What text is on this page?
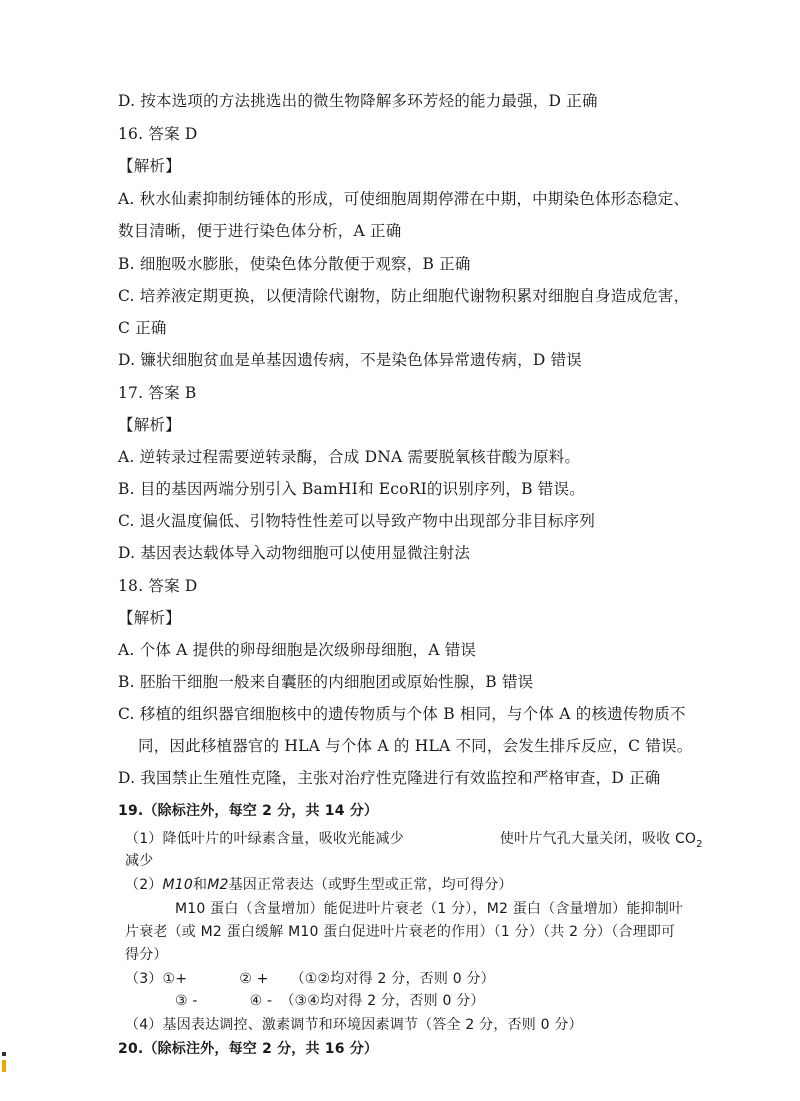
D. 按本选项的方法挑选出的微生物降解多环芳烃的能力最强，D 正确
16. 答案 D
【解析】
A. 秋水仙素抑制纺锤体的形成，可使细胞周期停滞在中期，中期染色体形态稳定、
数目清晰，便于进行染色体分析，A 正确
B. 细胞吸水膨胀，使染色体分散便于观察，B 正确
C. 培养液定期更换，以便清除代谢物，防止细胞代谢物积累对细胞自身造成危害，
C 正确
D. 镰状细胞贫血是单基因遗传病，不是染色体异常遗传病，D 错误
17. 答案 B
【解析】
A. 逆转录过程需要逆转录酶，合成 DNA 需要脱氧核苷酸为原料。
B. 目的基因两端分别引入 BamHⅠ和 EcoRⅠ的识别序列，B 错误。
C. 退火温度偏低、引物特性性差可以导致产物中出现部分非目标序列
D. 基因表达载体导入动物细胞可以使用显微注射法
18. 答案 D
【解析】
A. 个体 A 提供的卵母细胞是次级卵母细胞，A 错误
B. 胚胎干细胞一般来自囊胚的内细胞团或原始性腺，B 错误
C. 移植的组织器官细胞核中的遗传物质与个体 B 相同，与个体 A 的核遗传物质不
同，因此移植器官的 HLA 与个体 A 的 HLA 不同，会发生排斥反应，C 错误。
D. 我国禁止生殖性克隆，主张对治疗性克隆进行有效监控和严格审查，D 正确
19.（除标注外，每空 2 分，共 14 分）
（1）降低叶片的叶绿素含量，吸收光能减少	使叶片气孔大量关闭，吸收 $CO_2$
减少
（2）M10和M2基因正常表达（或野生型或正常，均可得分）
M10 蛋白（含量增加）能促进叶片衰老（1 分），M2 蛋白（含量增加）能抑制叶
片衰老（或 M2 蛋白缓解 M10 蛋白促进叶片衰老的作用）（1 分）（共 2 分）（合理即可
得分）
（3）①+	② + （①②均对得 2 分，否则 0 分）
③ -	④ - （③④均对得 2 分，否则 0 分）
（4）基因表达调控、激素调节和环境因素调节（答全 2 分，否则 0 分）
20.（除标注外，每空 2 分，共 16 分）
